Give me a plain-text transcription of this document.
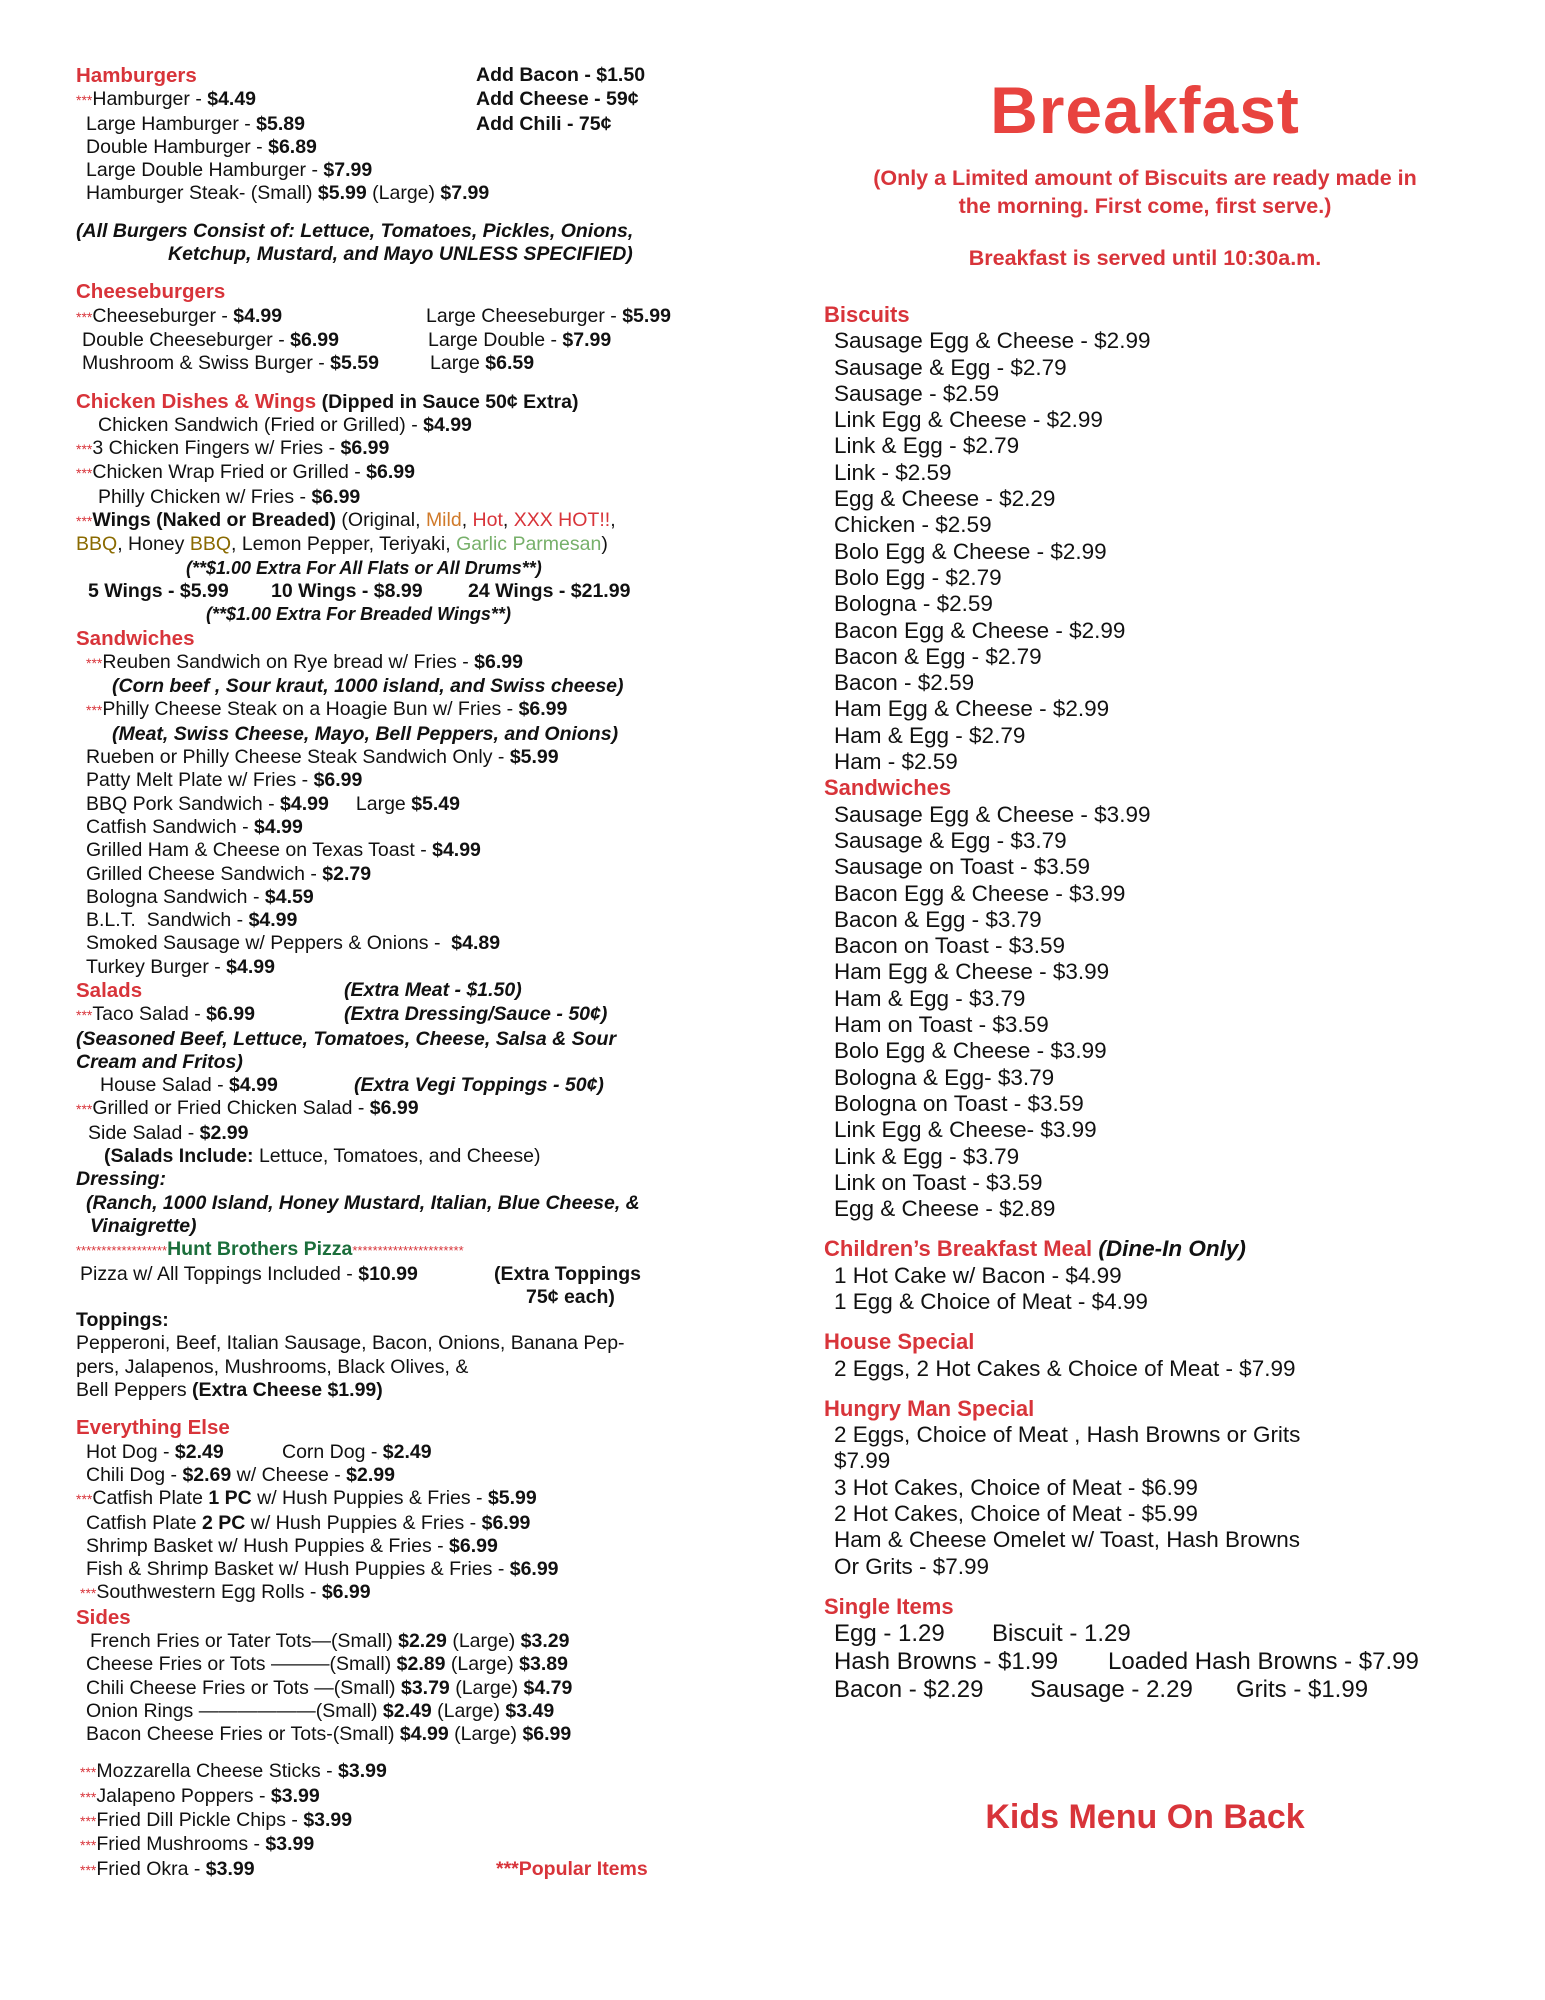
Hamburgers	Add Bacon - $1.50
***Hamburger - $4.49	Add Cheese - 59¢
Large Hamburger - $5.89	Add Chili - 75¢
Double Hamburger - $6.89
Large Double Hamburger - $7.99
Hamburger Steak- (Small) $5.99 (Large) $7.99
(All Burgers Consist of: Lettuce, Tomatoes, Pickles, Onions,
Ketchup, Mustard, and Mayo UNLESS SPECIFIED)
Cheeseburgers
***Cheeseburger - $4.99	Large Cheeseburger - $5.99
Double Cheeseburger - $6.99	Large Double - $7.99
Mushroom & Swiss Burger - $5.59	Large $6.59
Chicken Dishes & Wings (Dipped in Sauce 50¢ Extra)
Chicken Sandwich (Fried or Grilled) - $4.99
***3 Chicken Fingers w/ Fries - $6.99
***Chicken Wrap Fried or Grilled - $6.99
Philly Chicken w/ Fries - $6.99
***Wings (Naked or Breaded) (Original, Mild, Hot, XXX HOT!!,
BBQ, Honey BBQ, Lemon Pepper, Teriyaki, Garlic Parmesan)
(**$1.00 Extra For All Flats or All Drums**)
5 Wings - $5.99 10 Wings - $8.99 24 Wings - $21.99
(**$1.00 Extra For Breaded Wings**)
Sandwiches
***Reuben Sandwich on Rye bread w/ Fries - $6.99
(Corn beef , Sour kraut, 1000 island, and Swiss cheese)
***Philly Cheese Steak on a Hoagie Bun w/ Fries - $6.99
(Meat, Swiss Cheese, Mayo, Bell Peppers, and Onions)
Rueben or Philly Cheese Steak Sandwich Only - $5.99
Patty Melt Plate w/ Fries - $6.99
BBQ Pork Sandwich - $4.99     Large $5.49
Catfish Sandwich - $4.99
Grilled Ham & Cheese on Texas Toast - $4.99
Grilled Cheese Sandwich - $2.79
Bologna Sandwich - $4.59
B.L.T.  Sandwich - $4.99
Smoked Sausage w/ Peppers & Onions -  $4.89
Turkey Burger - $4.99
Salads	(Extra Meat - $1.50)
***Taco Salad - $6.99	(Extra Dressing/Sauce - 50¢)
(Seasoned Beef, Lettuce, Tomatoes, Cheese, Salsa & Sour
Cream and Fritos)
House Salad - $4.99	(Extra Vegi Toppings - 50¢)
***Grilled or Fried Chicken Salad - $6.99
Side Salad - $2.99
(Salads Include: Lettuce, Tomatoes, and Cheese)
Dressing:
(Ranch, 1000 Island, Honey Mustard, Italian, Blue Cheese, &
Vinaigrette)
******************Hunt Brothers Pizza**********************
Pizza w/ All Toppings Included - $10.99	(Extra Toppings
75¢ each)
Toppings:
Pepperoni, Beef, Italian Sausage, Bacon, Onions, Banana Pep-
pers, Jalapenos, Mushrooms, Black Olives, &
Bell Peppers (Extra Cheese $1.99)
Everything Else
Hot Dog - $2.49	Corn Dog - $2.49
Chili Dog - $2.69 w/ Cheese - $2.99
***Catfish Plate 1 PC w/ Hush Puppies & Fries - $5.99
Catfish Plate 2 PC w/ Hush Puppies & Fries - $6.99
Shrimp Basket w/ Hush Puppies & Fries - $6.99
Fish & Shrimp Basket w/ Hush Puppies & Fries - $6.99
***Southwestern Egg Rolls - $6.99
Sides
French Fries or Tater Tots—(Small) $2.29 (Large) $3.29
Cheese Fries or Tots ———(Small) $2.89 (Large) $3.89
Chili Cheese Fries or Tots —(Small) $3.79 (Large) $4.79
Onion Rings ——————(Small) $2.49 (Large) $3.49
Bacon Cheese Fries or Tots-(Small) $4.99 (Large) $6.99
***Mozzarella Cheese Sticks - $3.99
***Jalapeno Poppers - $3.99
***Fried Dill Pickle Chips - $3.99
***Fried Mushrooms - $3.99
***Fried Okra - $3.99	***Popular Items
Breakfast
(Only a Limited amount of Biscuits are ready made in
the morning. First come, first serve.)
Breakfast is served until 10:30a.m.
Biscuits
Sausage Egg & Cheese - $2.99
Sausage & Egg - $2.79
Sausage - $2.59
Link Egg & Cheese - $2.99
Link & Egg - $2.79
Link - $2.59
Egg & Cheese - $2.29
Chicken - $2.59
Bolo Egg & Cheese - $2.99
Bolo Egg - $2.79
Bologna - $2.59
Bacon Egg & Cheese - $2.99
Bacon & Egg - $2.79
Bacon - $2.59
Ham Egg & Cheese - $2.99
Ham & Egg - $2.79
Ham - $2.59
Sandwiches
Sausage Egg & Cheese - $3.99
Sausage & Egg - $3.79
Sausage on Toast - $3.59
Bacon Egg & Cheese - $3.99
Bacon & Egg - $3.79
Bacon on Toast - $3.59
Ham Egg & Cheese - $3.99
Ham & Egg - $3.79
Ham on Toast - $3.59
Bolo Egg & Cheese - $3.99
Bologna & Egg- $3.79
Bologna on Toast - $3.59
Link Egg & Cheese- $3.99
Link & Egg - $3.79
Link on Toast - $3.59
Egg & Cheese - $2.89
Children’s Breakfast Meal (Dine-In Only)
1 Hot Cake w/ Bacon - $4.99
1 Egg & Choice of Meat - $4.99
House Special
2 Eggs, 2 Hot Cakes & Choice of Meat - $7.99
Hungry Man Special
2 Eggs, Choice of Meat , Hash Browns or Grits
$7.99
3 Hot Cakes, Choice of Meat - $6.99
2 Hot Cakes, Choice of Meat - $5.99
Ham & Cheese Omelet w/ Toast, Hash Browns
Or Grits - $7.99
Single Items
Egg - 1.29 Biscuit - 1.29
Hash Browns - $1.99 Loaded Hash Browns - $7.99
Bacon - $2.29 Sausage - 2.29 Grits - $1.99
Kids Menu On Back
